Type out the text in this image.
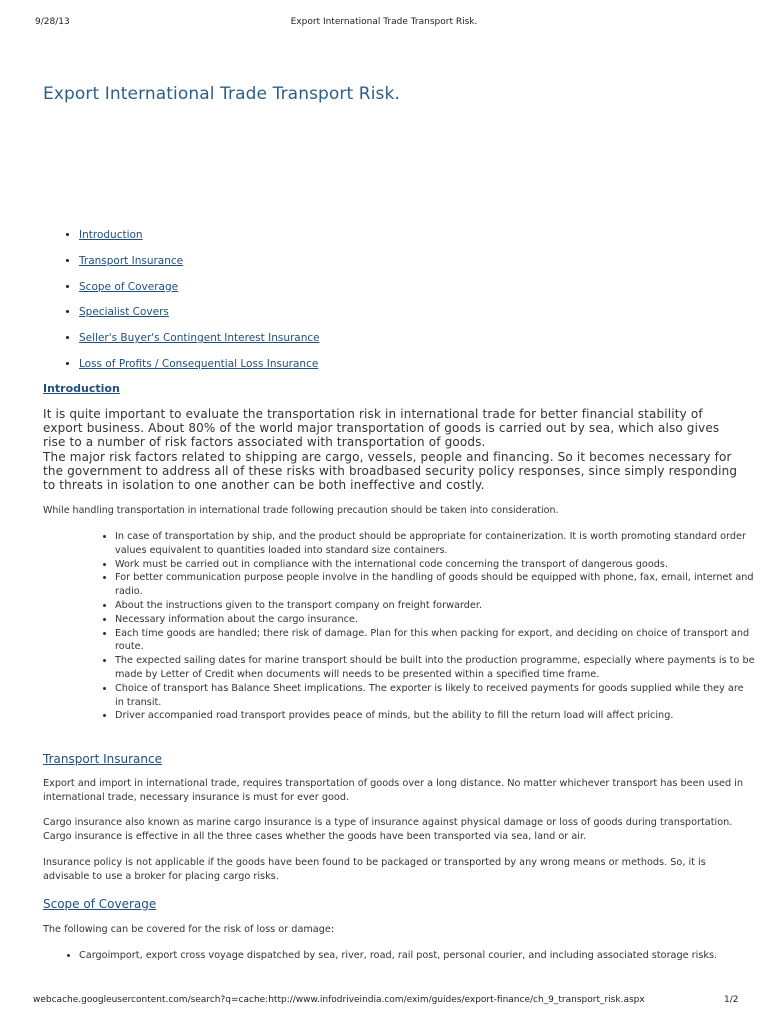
9/28/13	Export International Trade Transport Risk.
Export International Trade Transport Risk.
• Introduction
• Transport Insurance
• Scope of Coverage
• Specialist Covers
• Seller's Buyer's Contingent Interest Insurance
• Loss of Profits / Consequential Loss Insurance
Introduction

It is quite important to evaluate the transportation risk in international trade for better financial stability of export business. About 80% of the world major transportation of goods is carried out by sea, which also gives rise to a number of risk factors associated with transportation of goods.

The major risk factors related to shipping are cargo, vessels, people and financing. So it becomes necessary for the government to address all of these risks with broadbased security policy responses, since simply responding to threats in isolation to one another can be both ineffective and costly.

While handling transportation in international trade following precaution should be taken into consideration.

• In case of transportation by ship, and the product should be appropriate for containerization. It is worth promoting standard order values equivalent to quantities loaded into standard size containers.
• Work must be carried out in compliance with the international code concerning the transport of dangerous goods.
• For better communication purpose people involve in the handling of goods should be equipped with phone, fax, email, internet and radio.
• About the instructions given to the transport company on freight forwarder.
• Necessary information about the cargo insurance.
• Each time goods are handled; there risk of damage. Plan for this when packing for export, and deciding on choice of transport and route.
• The expected sailing dates for marine transport should be built into the production programme, especially where payments is to be made by Letter of Credit when documents will needs to be presented within a specified time frame.
• Choice of transport has Balance Sheet implications. The exporter is likely to received payments for goods supplied while they are in transit.
• Driver accompanied road transport provides peace of minds, but the ability to fill the return load will affect pricing.
Transport Insurance

Export and import in international trade, requires transportation of goods over a long distance. No matter whichever transport has been used in international trade, necessary insurance is must for ever good.

Cargo insurance also known as marine cargo insurance is a type of insurance against physical damage or loss of goods during transportation. Cargo insurance is effective in all the three cases whether the goods have been transported via sea, land or air.

Insurance policy is not applicable if the goods have been found to be packaged or transported by any wrong means or methods. So, it is advisable to use a broker for placing cargo risks.

Scope of Coverage

The following can be covered for the risk of loss or damage:

• Cargoimport, export cross voyage dispatched by sea, river, road, rail post, personal courier, and including associated storage risks.
webcache.googleusercontent.com/search?q=cache:http://www.infodriveindia.com/exim/guides/export-finance/ch_9_transport_risk.aspx	1/2
